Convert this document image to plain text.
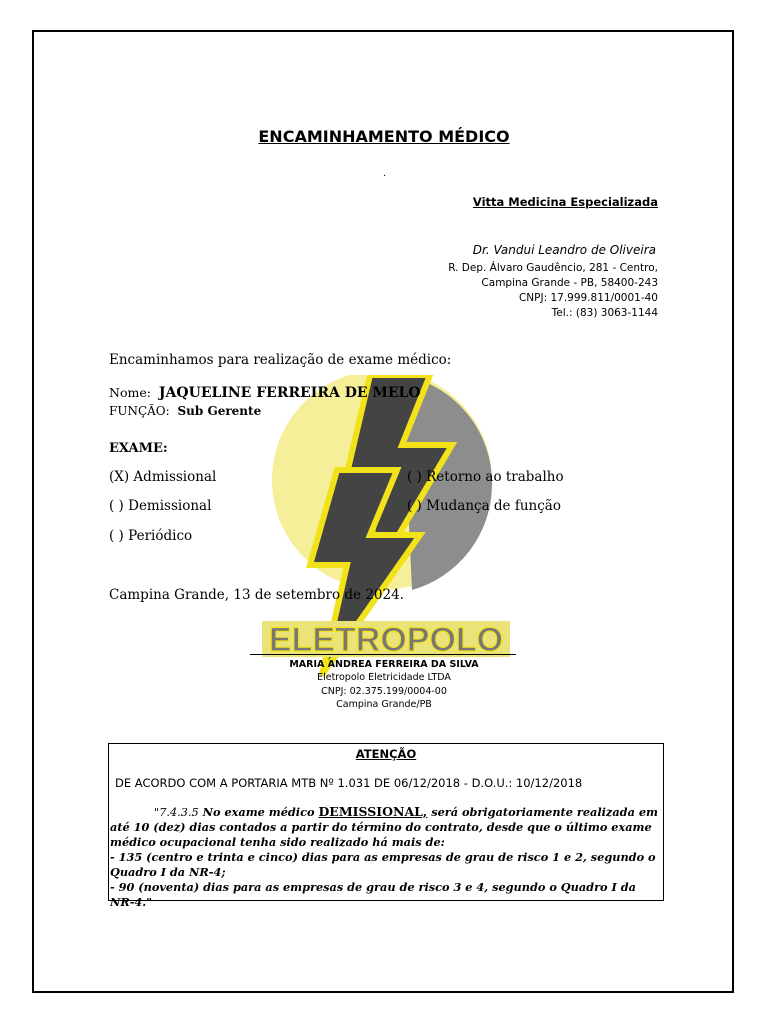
ELETROPOLO
ENCAMINHAMENTO MÉDICO
.
Vitta Medicina Especializada
Dr. Vandui Leandro de Oliveira
R. Dep. Álvaro Gaudêncio, 281 - Centro,
Campina Grande - PB, 58400-243
CNPJ: 17.999.811/0001-40
Tel.: (83) 3063-1144
Encaminhamos para realização de exame médico:
Nome: JAQUELINE FERREIRA DE MELO
FUNÇÃO: Sub Gerente
EXAME:
(X) Admissional	( ) Retorno ao trabalho
( ) Demissional	( ) Mudança de função
( ) Periódico
Campina Grande, 13 de setembro de 2024.
MARIA ANDREA FERREIRA DA SILVA
Eletropolo Eletricidade LTDA
CNPJ: 02.375.199/0004-00
Campina Grande/PB
ATENÇÃO
DE ACORDO COM A PORTARIA MTB Nº 1.031 DE 06/12/2018 - D.O.U.: 10/12/2018
"7.4.3.5 No exame médico DEMISSIONAL, será obrigatoriamente realizada em até 10 (dez) dias contados a partir do término do contrato, desde que o último exame médico ocupacional tenha sido realizado há mais de:
- 135 (centro e trinta e cinco) dias para as empresas de grau de risco 1 e 2, segundo o Quadro I da NR-4;
- 90 (noventa) dias para as empresas de grau de risco 3 e 4, segundo o Quadro I da NR-4."
